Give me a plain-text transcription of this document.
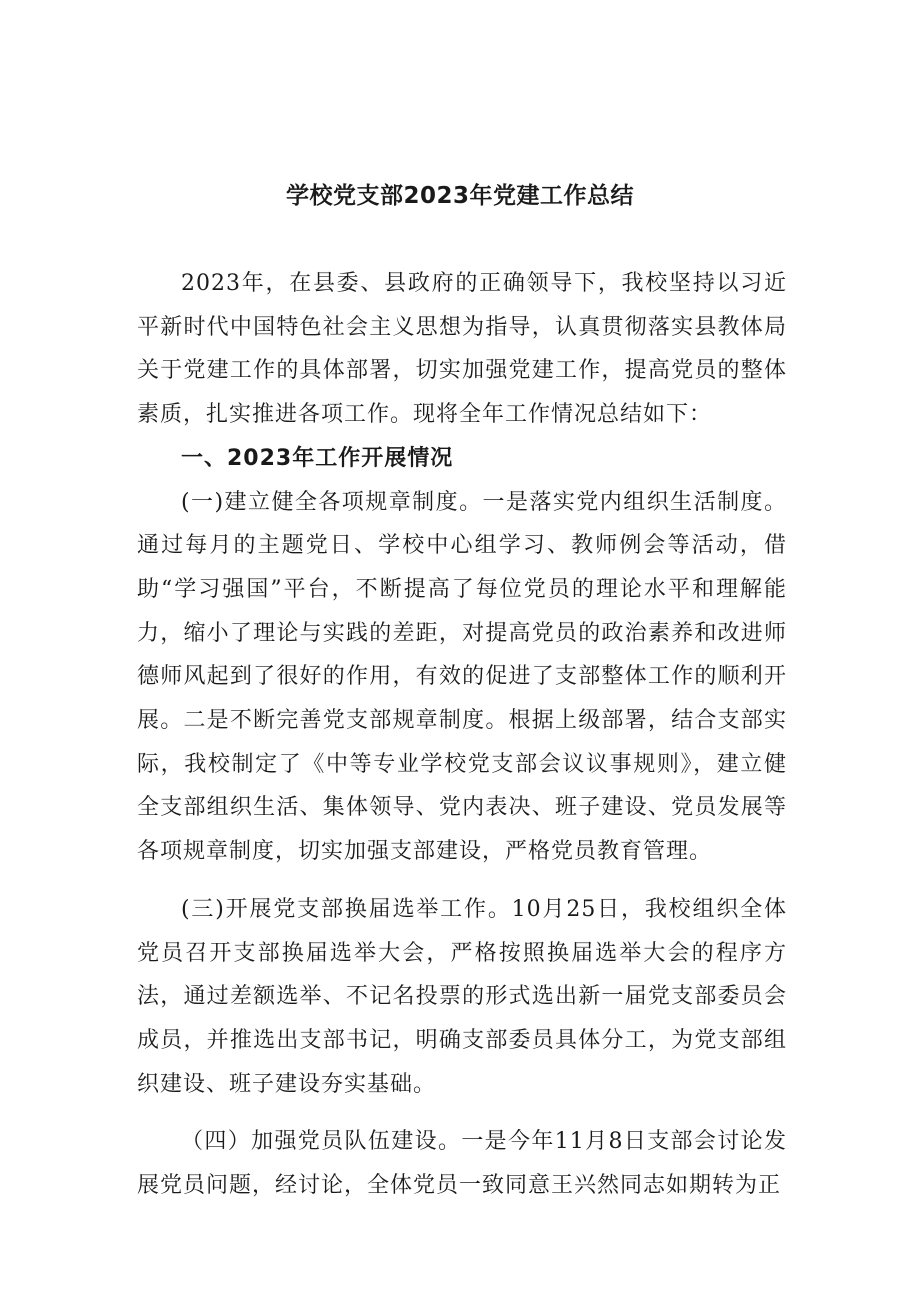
学校党支部2023年党建工作总结

2023年，在县委、县政府的正确领导下，我校坚持以习近平新时代中国特色社会主义思想为指导，认真贯彻落实县教体局关于党建工作的具体部署，切实加强党建工作，提高党员的整体素质，扎实推进各项工作。现将全年工作情况总结如下：

一、2023年工作开展情况

(一)建立健全各项规章制度。一是落实党内组织生活制度。通过每月的主题党日、学校中心组学习、教师例会等活动，借助“学习强国”平台，不断提高了每位党员的理论水平和理解能力，缩小了理论与实践的差距，对提高党员的政治素养和改进师德师风起到了很好的作用，有效的促进了支部整体工作的顺利开展。二是不断完善党支部规章制度。根据上级部署，结合支部实际，我校制定了《中等专业学校党支部会议议事规则》，建立健全支部组织生活、集体领导、党内表决、班子建设、党员发展等各项规章制度，切实加强支部建设，严格党员教育管理。

(三)开展党支部换届选举工作。10月25日，我校组织全体党员召开支部换届选举大会，严格按照换届选举大会的程序方法，通过差额选举、不记名投票的形式选出新一届党支部委员会成员，并推选出支部书记，明确支部委员具体分工，为党支部组织建设、班子建设夯实基础。

（四）加强党员队伍建设。一是今年11月8日支部会讨论发展党员问题，经讨论，全体党员一致同意王兴然同志如期转为正
